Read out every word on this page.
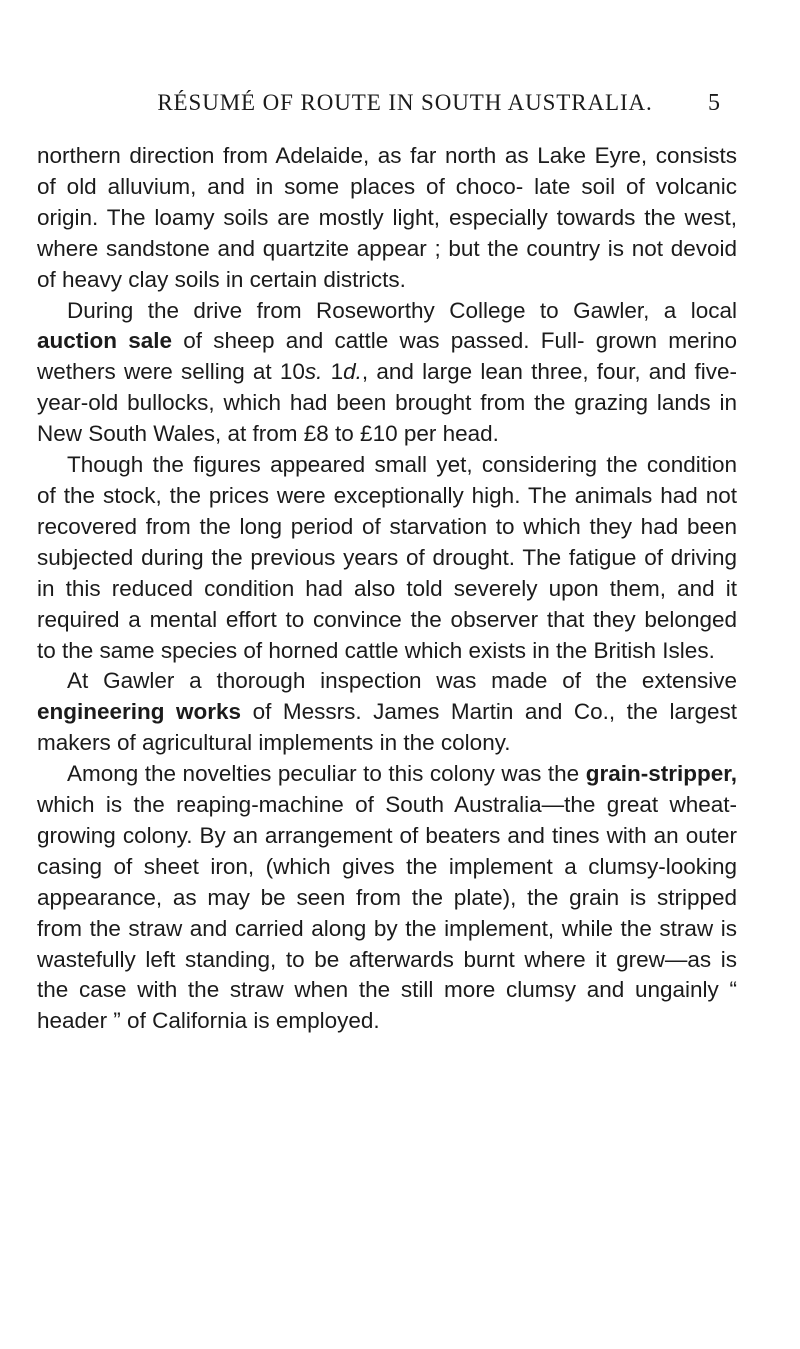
RÉSUMÉ OF ROUTE IN SOUTH AUSTRALIA.	5

northern direction from Adelaide, as far north as Lake Eyre, consists of old alluvium, and in some places of choco- late soil of volcanic origin. The loamy soils are mostly light, especially towards the west, where sandstone and quartzite appear ; but the country is not devoid of heavy clay soils in certain districts.

During the drive from Roseworthy College to Gawler, a local auction sale of sheep and cattle was passed. Full- grown merino wethers were selling at 10s. 1d., and large lean three, four, and five-year-old bullocks, which had been brought from the grazing lands in New South Wales, at from £8 to £10 per head.

Though the figures appeared small yet, considering the condition of the stock, the prices were exceptionally high. The animals had not recovered from the long period of starvation to which they had been subjected during the previous years of drought. The fatigue of driving in this reduced condition had also told severely upon them, and it required a mental effort to convince the observer that they belonged to the same species of horned cattle which exists in the British Isles.

At Gawler a thorough inspection was made of the extensive engineering works of Messrs. James Martin and Co., the largest makers of agricultural implements in the colony.

Among the novelties peculiar to this colony was the grain-stripper, which is the reaping-machine of South Australia—the great wheat-growing colony. By an arrangement of beaters and tines with an outer casing of sheet iron, (which gives the implement a clumsy-looking appearance, as may be seen from the plate), the grain is stripped from the straw and carried along by the implement, while the straw is wastefully left standing, to be afterwards burnt where it grew—as is the case with the straw when the still more clumsy and ungainly “ header ” of California is employed.
